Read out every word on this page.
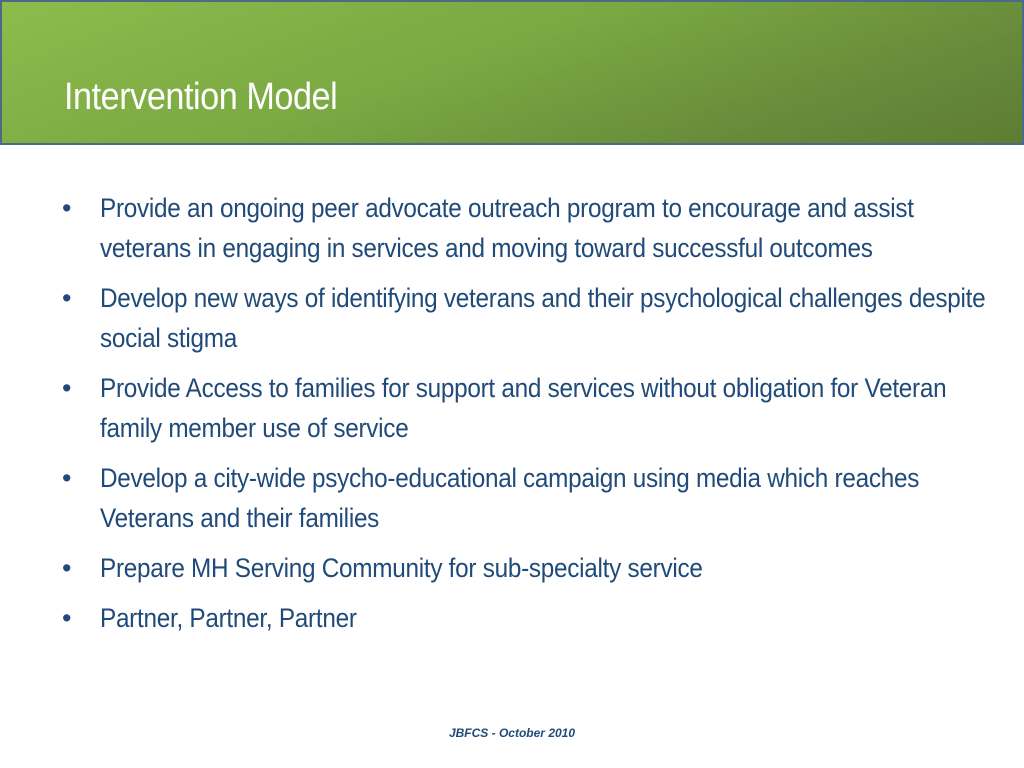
Intervention Model
•	Provide an ongoing peer advocate outreach program to encourage and assist veterans in engaging in services and moving toward successful outcomes
•	Develop new ways of identifying veterans and their psychological challenges despite social stigma
•	Provide Access to families for support and services without obligation for Veteran family member use of service
•	Develop a city-wide psycho-educational campaign using media which reaches Veterans and their families
•	Prepare MH Serving Community for sub-specialty service
•	Partner, Partner, Partner
JBFCS - October 2010
